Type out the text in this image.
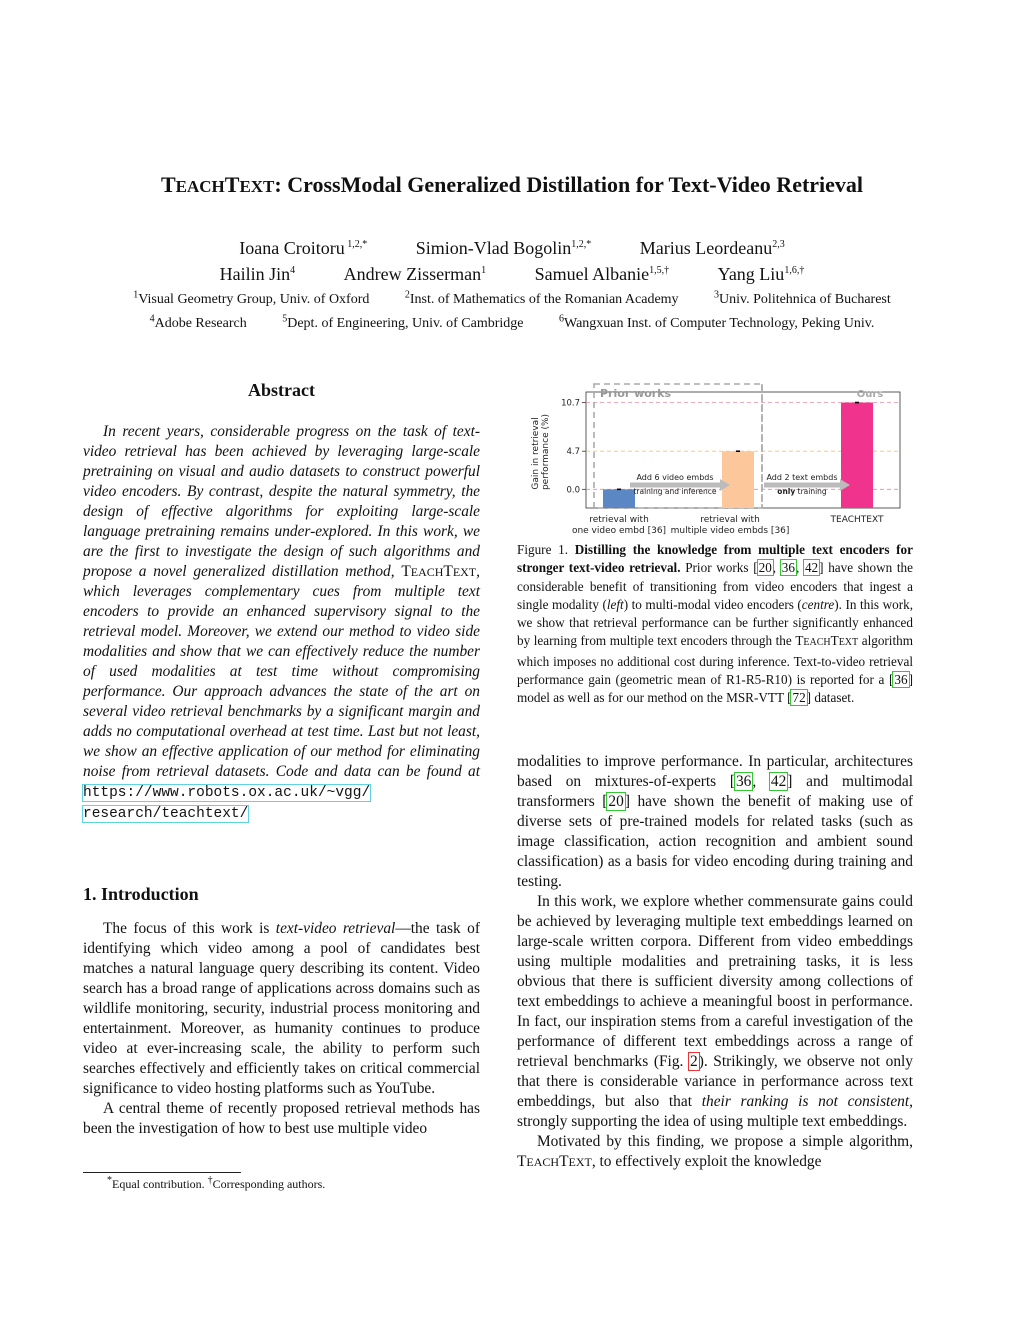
TEACHTEXT: CrossModal Generalized Distillation for Text-Video Retrieval
Ioana Croitoru $^{1,2,*}$	Simion-Vlad Bogolin$^{1,2,*}$	Marius Leordeanu$^{2,3}$
Hailin Jin$^4$	Andrew Zisserman$^1$	Samuel Albanie$^{1,5,\dagger}$	Yang Liu$^{1,6,\dagger}$
$^1$Visual Geometry Group, Univ. of Oxford	$^2$Inst. of Mathematics of the Romanian Academy	$^3$Univ. Politehnica of Bucharest
$^4$Adobe Research	$^5$Dept. of Engineering, Univ. of Cambridge	$^6$Wangxuan Inst. of Computer Technology, Peking Univ.
Abstract

In recent years, considerable progress on the task of text-video retrieval has been achieved by leveraging large-scale pretraining on visual and audio datasets to construct powerful video encoders. By contrast, despite the natural symmetry, the design of effective algorithms for exploiting large-scale language pretraining remains under-explored. In this work, we are the first to investigate the design of such algorithms and propose a novel generalized distillation method, TEACHTEXT, which leverages complementary cues from multiple text encoders to provide an enhanced supervisory signal to the retrieval model. Moreover, we extend our method to video side modalities and show that we can effectively reduce the number of used modalities at test time without compromising performance. Our approach advances the state of the art on several video retrieval benchmarks by a significant margin and adds no computational overhead at test time. Last but not least, we show an effective application of our method for eliminating noise from retrieval datasets. Code and data can be found at https://www.robots.ox.ac.uk/~vgg/
research/teachtext/

1. Introduction

The focus of this work is text-video retrieval—the task of identifying which video among a pool of candidates best matches a natural language query describing its content. Video search has a broad range of applications across domains such as wildlife monitoring, security, industrial process monitoring and entertainment. Moreover, as humanity continues to produce video at ever-increasing scale, the ability to perform such searches effectively and efficiently takes on critical commercial significance to video hosting platforms such as YouTube.

A central theme of recently proposed retrieval methods has been the investigation of how to best use multiple video

*Equal contribution. †Corresponding authors.
Gain in retrieval performance (%)
0.0
4.7
10.7
Prior works	Ours
Add 6 video embds
training and inference
Add 2 text embds
only training
retrieval with
one video embd [36]
retrieval with
multiple video embds [36]
TEACHTEXT
Figure 1. Distilling the knowledge from multiple text encoders for stronger text-video retrieval. Prior works [20, 36, 42] have shown the considerable benefit of transitioning from video encoders that ingest a single modality (left) to multi-modal video encoders (centre). In this work, we show that retrieval performance can be further significantly enhanced by learning from multiple text encoders through the TEACHTEXT algorithm which imposes no additional cost during inference. Text-to-video retrieval performance gain (geometric mean of R1-R5-R10) is reported for a [36] model as well as for our method on the MSR-VTT [72] dataset.

modalities to improve performance. In particular, architectures based on mixtures-of-experts [36, 42] and multimodal transformers [20] have shown the benefit of making use of diverse sets of pre-trained models for related tasks (such as image classification, action recognition and ambient sound classification) as a basis for video encoding during training and testing.

In this work, we explore whether commensurate gains could be achieved by leveraging multiple text embeddings learned on large-scale written corpora. Different from video embeddings using multiple modalities and pretraining tasks, it is less obvious that there is sufficient diversity among collections of text embeddings to achieve a meaningful boost in performance. In fact, our inspiration stems from a careful investigation of the performance of different text embeddings across a range of retrieval benchmarks (Fig. 2). Strikingly, we observe not only that there is considerable variance in performance across text embeddings, but also that their ranking is not consistent, strongly supporting the idea of using multiple text embeddings.

Motivated by this finding, we propose a simple algorithm, TEACHTEXT, to effectively exploit the knowledge
